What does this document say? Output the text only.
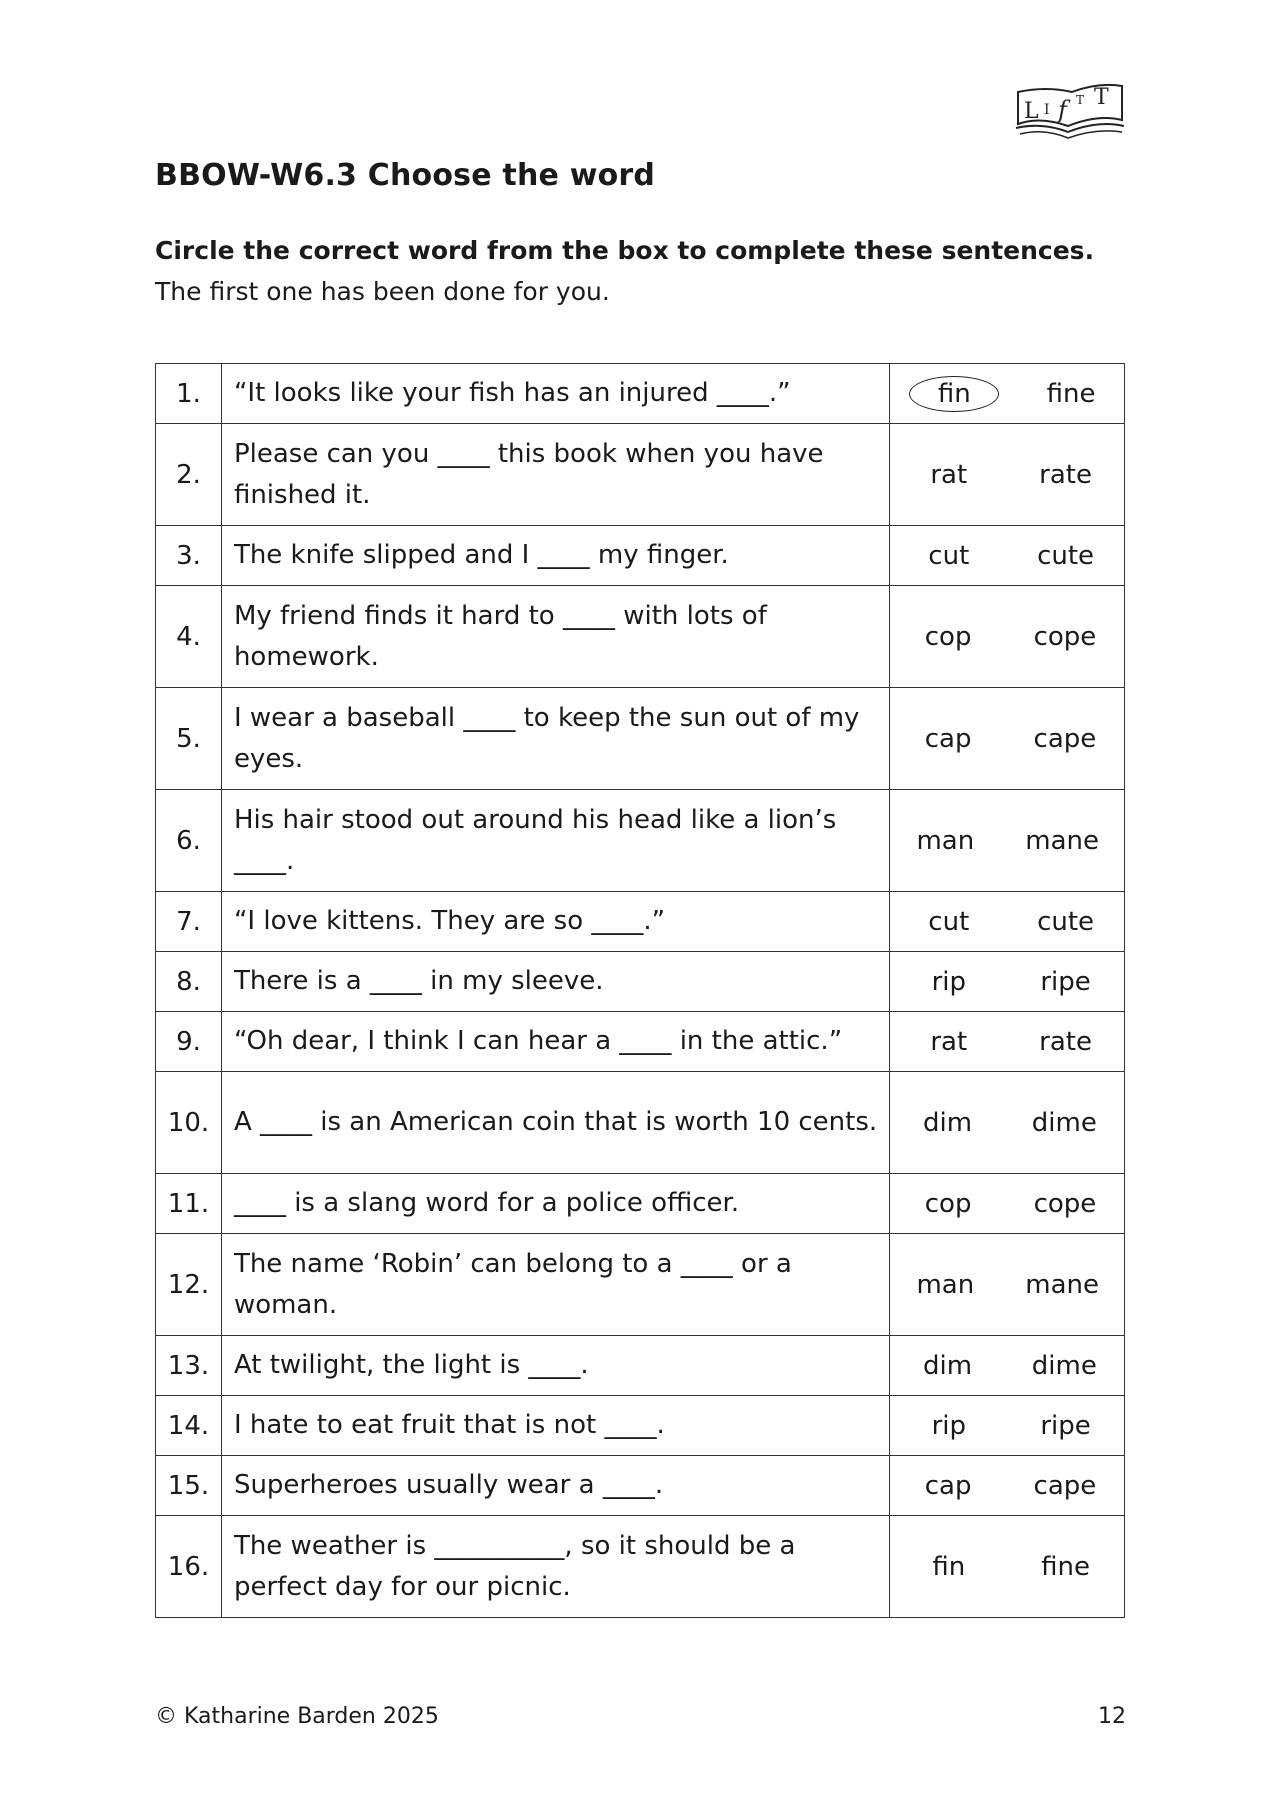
L I f T T
BBOW-W6.3 Choose the word

Circle the correct word from the box to complete these sentences.

The first one has been done for you.

1.	“It looks like your fish has an injured ____.”	fin fine

2.	Please can you ____ this book when you have finished it.	rat rate

3.	The knife slipped and I ____ my finger.	cut cute

4.	My friend finds it hard to ____ with lots of homework.	cop cope

5.	I wear a baseball ____ to keep the sun out of my eyes.	cap cape

6.	His hair stood out around his head like a lion’s ____.	man mane

7.	“I love kittens. They are so ____.”	cut cute

8.	There is a ____ in my sleeve.	rip ripe

9.	“Oh dear, I think I can hear a ____ in the attic.”	rat rate

10.	A ____ is an American coin that is worth 10 cents.	dim dime

11.	____ is a slang word for a police officer.	cop cope

12.	The name ‘Robin’ can belong to a ____ or a woman.	man mane

13.	At twilight, the light is ____.	dim dime

14.	I hate to eat fruit that is not ____.	rip ripe

15.	Superheroes usually wear a ____.	cap cape

16.	The weather is __________, so it should be a perfect day for our picnic.	fin fine

© Katharine Barden 2025	12
